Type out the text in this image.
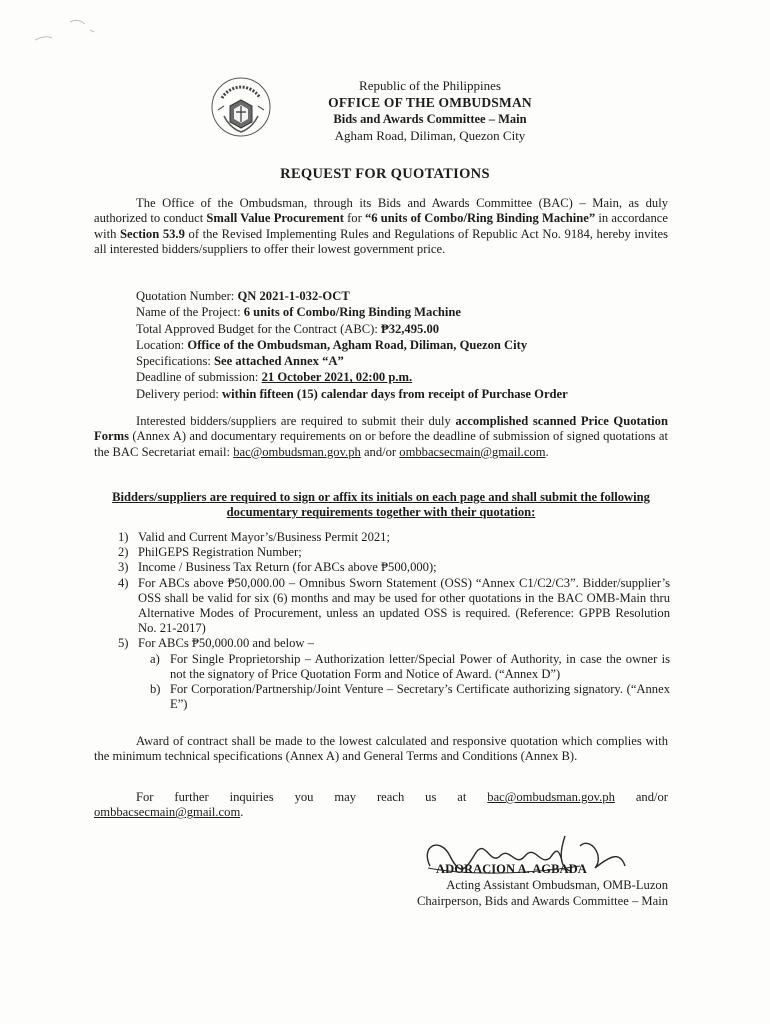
Republic of the Philippines
OFFICE OF THE OMBUDSMAN
Bids and Awards Committee – Main
Agham Road, Diliman, Quezon City
REQUEST FOR QUOTATIONS

The Office of the Ombudsman, through its Bids and Awards Committee (BAC) – Main, as duly authorized to conduct Small Value Procurement for “6 units of Combo/Ring Binding Machine” in accordance with Section 53.9 of the Revised Implementing Rules and Regulations of Republic Act No. 9184, hereby invites all interested bidders/suppliers to offer their lowest government price.

Quotation Number: QN 2021-1-032-OCT
Name of the Project: 6 units of Combo/Ring Binding Machine
Total Approved Budget for the Contract (ABC): ₱32,495.00
Location: Office of the Ombudsman, Agham Road, Diliman, Quezon City
Specifications: See attached Annex “A”
Deadline of submission: 21 October 2021, 02:00 p.m.
Delivery period: within fifteen (15) calendar days from receipt of Purchase Order

Interested bidders/suppliers are required to submit their duly accomplished scanned Price Quotation Forms (Annex A) and documentary requirements on or before the deadline of submission of signed quotations at the BAC Secretariat email: bac@ombudsman.gov.ph and/or ombbacsecmain@gmail.com.

Bidders/suppliers are required to sign or affix its initials on each page and shall submit the following documentary requirements together with their quotation:
1) Valid and Current Mayor’s/Business Permit 2021;
2) PhilGEPS Registration Number;
3) Income / Business Tax Return (for ABCs above ₱500,000);
4) For ABCs above ₱50,000.00 – Omnibus Sworn Statement (OSS) “Annex C1/C2/C3”. Bidder/supplier’s OSS shall be valid for six (6) months and may be used for other quotations in the BAC OMB-Main thru Alternative Modes of Procurement, unless an updated OSS is required. (Reference: GPPB Resolution No. 21-2017)
5) For ABCs ₱50,000.00 and below –
a) For Single Proprietorship – Authorization letter/Special Power of Authority, in case the owner is not the signatory of Price Quotation Form and Notice of Award. (“Annex D”)
b) For Corporation/Partnership/Joint Venture – Secretary’s Certificate authorizing signatory. (“Annex E”)

Award of contract shall be made to the lowest calculated and responsive quotation which complies with the minimum technical specifications (Annex A) and General Terms and Conditions (Annex B).

For further inquiries you may reach us at bac@ombudsman.gov.ph and/or ombbacsecmain@gmail.com.

ADORACION A. AGBADA
Acting Assistant Ombudsman, OMB-Luzon
Chairperson, Bids and Awards Committee – Main
